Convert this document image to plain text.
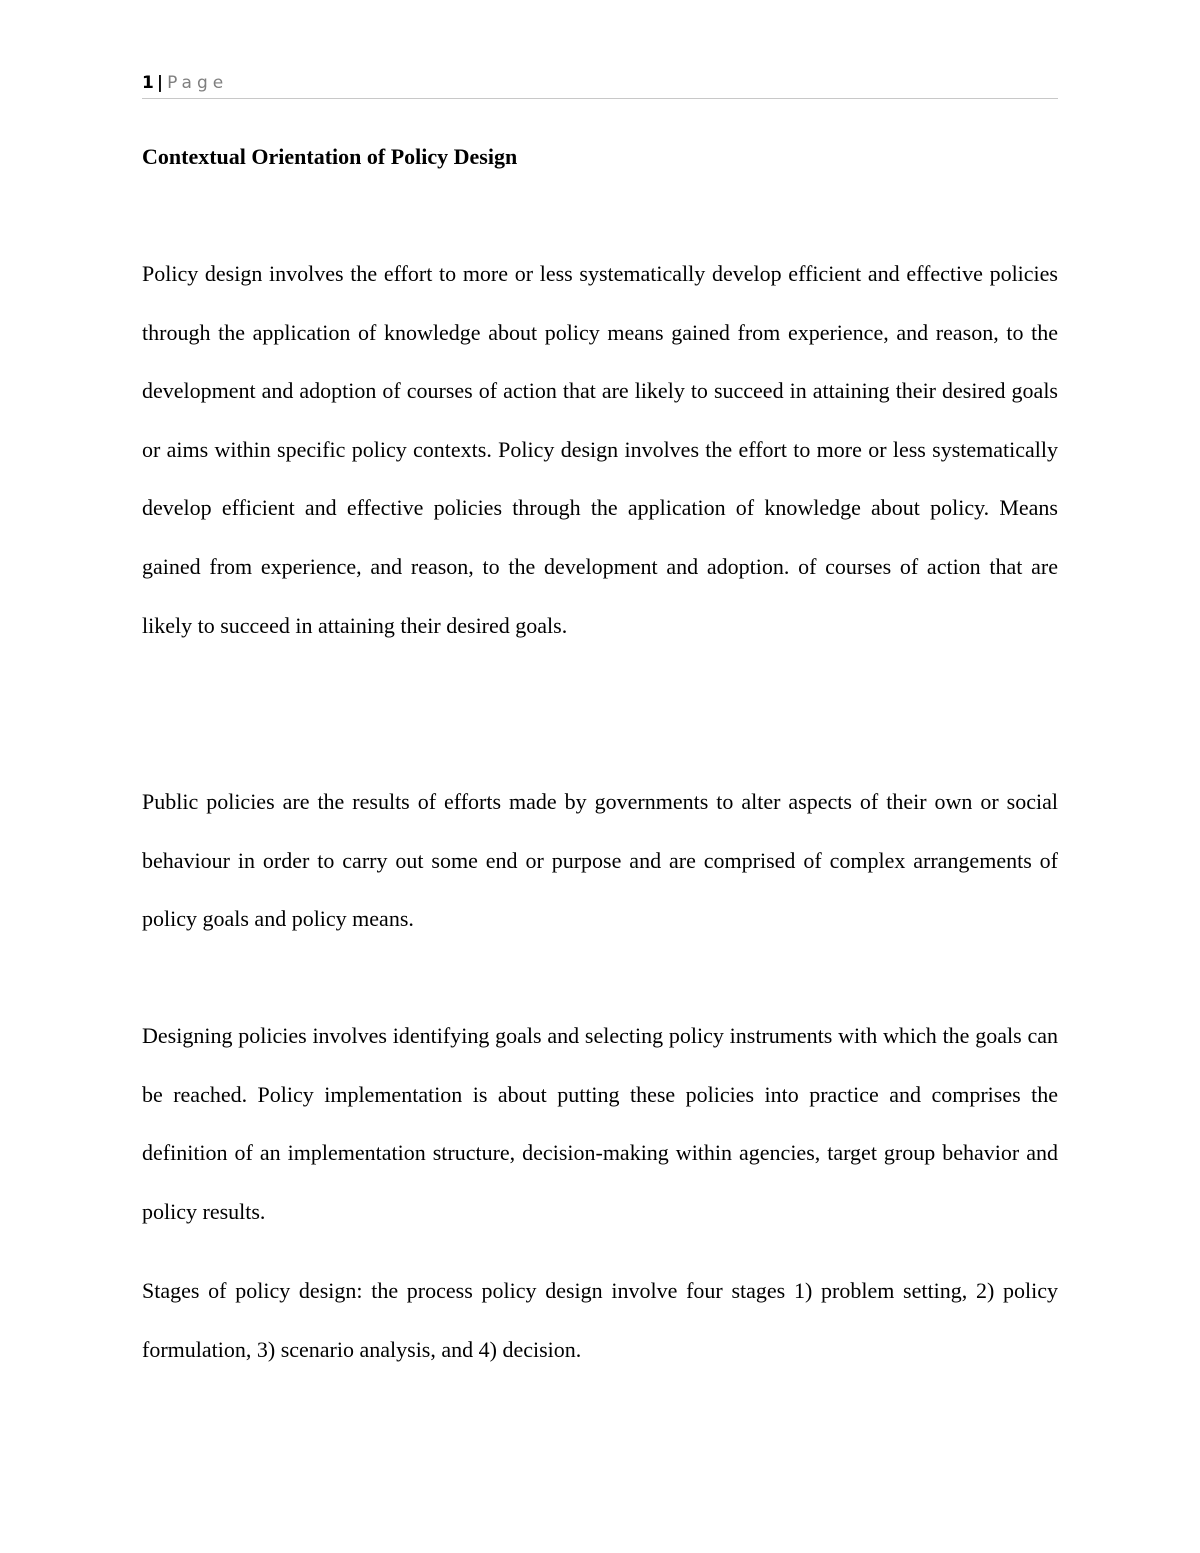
1 | Page
Contextual Orientation of Policy Design

Policy design involves the effort to more or less systematically develop efficient and effective policies through the application of knowledge about policy means gained from experience, and reason, to the development and adoption of courses of action that are likely to succeed in attaining their desired goals or aims within specific policy contexts. Policy design involves the effort to more or less systematically develop efficient and effective policies through the application of knowledge about policy. Means gained from experience, and reason, to the development and adoption. of courses of action that are likely to succeed in attaining their desired goals.

Public policies are the results of efforts made by governments to alter aspects of their own or social behaviour in order to carry out some end or purpose and are comprised of complex arrangements of policy goals and policy means.

Designing policies involves identifying goals and selecting policy instruments with which the goals can be reached. Policy implementation is about putting these policies into practice and comprises the definition of an implementation structure, decision-making within agencies, target group behavior and policy results.

Stages of policy design: the process policy design involve four stages 1) problem setting, 2) policy formulation, 3) scenario analysis, and 4) decision.
